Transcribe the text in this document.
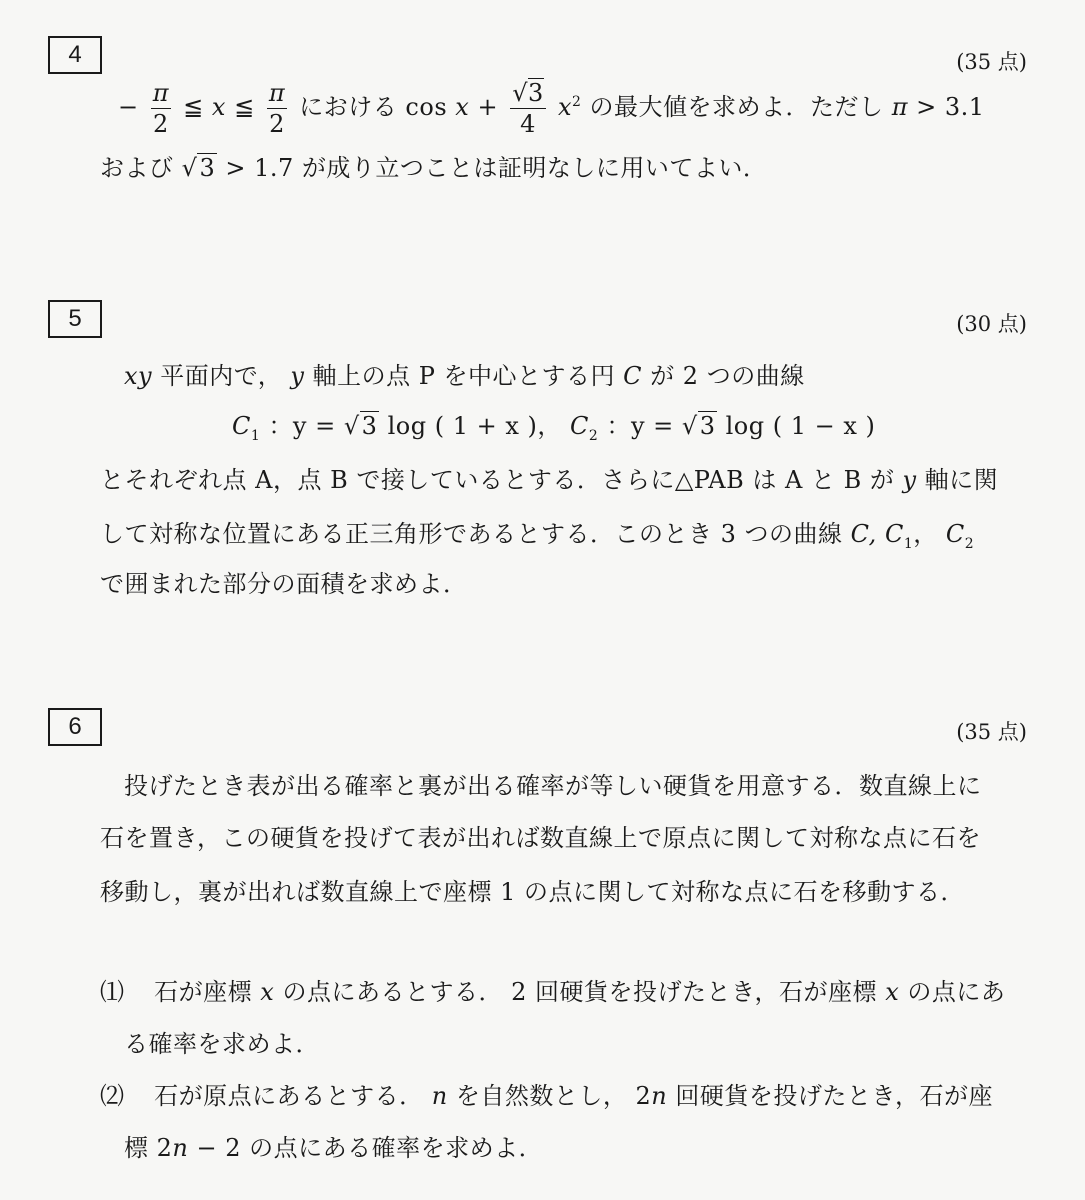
4	(35 点)
− $\frac{\pi}{2}$ ≦ x ≦ $\frac{\pi}{2}$ における $\cos x + \frac{√3}{4} x^2$ の最大値を求めよ．ただし π > 3.1
および √3 > 1.7 が成り立つことは証明なしに用いてよい．
5	(30 点)
xy 平面内で， y 軸上の点 P を中心とする円 C が 2 つの曲線
$C_1$ ：y = √3 log ( 1 + x )， $C_2$ ：y = √3 log ( 1 − x )
とそれぞれ点 A，点 B で接しているとする．さらに△PAB は A と B が y 軸に関
して対称な位置にある正三角形であるとする．このとき 3 つの曲線 C, $C_1$， $C_2$
で囲まれた部分の面積を求めよ．
6	(35 点)
投げたとき表が出る確率と裏が出る確率が等しい硬貨を用意する．数直線上に
石を置き，この硬貨を投げて表が出れば数直線上で原点に関して対称な点に石を
移動し，裏が出れば数直線上で座標 1 の点に関して対称な点に石を移動する．
⑴ 石が座標 x の点にあるとする． 2 回硬貨を投げたとき，石が座標 x の点にあ
る確率を求めよ．
⑵ 石が原点にあるとする． n を自然数とし， 2n 回硬貨を投げたとき，石が座
標 2n − 2 の点にある確率を求めよ．
